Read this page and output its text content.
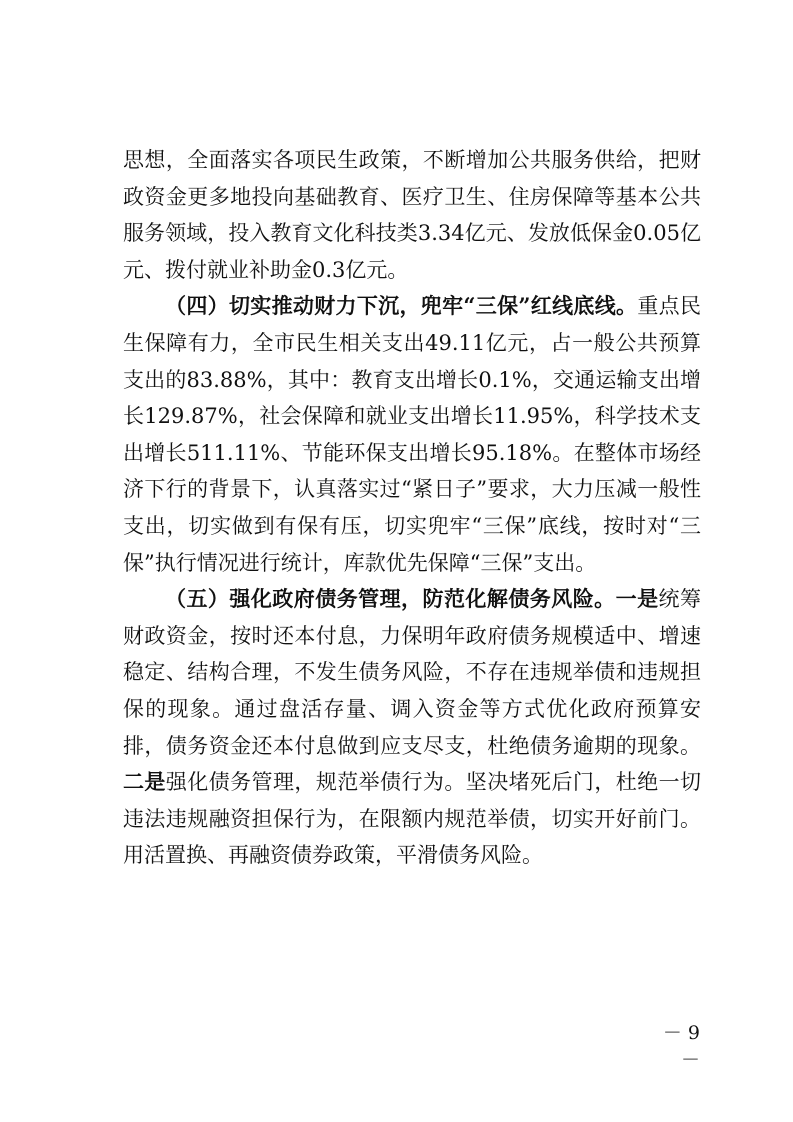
思想，全面落实各项民生政策，不断增加公共服务供给，把财政资金更多地投向基础教育、医疗卫生、住房保障等基本公共服务领域，投入教育文化科技类3.34亿元、发放低保金0.05亿元、拨付就业补助金0.3亿元。

（四）切实推动财力下沉，兜牢“三保”红线底线。重点民生保障有力，全市民生相关支出49.11亿元，占一般公共预算支出的83.88%，其中：教育支出增长0.1%，交通运输支出增长129.87%，社会保障和就业支出增长11.95%，科学技术支出增长511.11%、节能环保支出增长95.18%。在整体市场经济下行的背景下，认真落实过“紧日子”要求，大力压减一般性支出，切实做到有保有压，切实兜牢“三保”底线，按时对“三保”执行情况进行统计，库款优先保障“三保”支出。

（五）强化政府债务管理，防范化解债务风险。一是统筹财政资金，按时还本付息，力保明年政府债务规模适中、增速稳定、结构合理，不发生债务风险，不存在违规举债和违规担保的现象。通过盘活存量、调入资金等方式优化政府预算安排，债务资金还本付息做到应支尽支，杜绝债务逾期的现象。二是强化债务管理，规范举债行为。坚决堵死后门，杜绝一切违法违规融资担保行为，在限额内规范举债，切实开好前门。用活置换、再融资债券政策，平滑债务风险。

－ 9 －
